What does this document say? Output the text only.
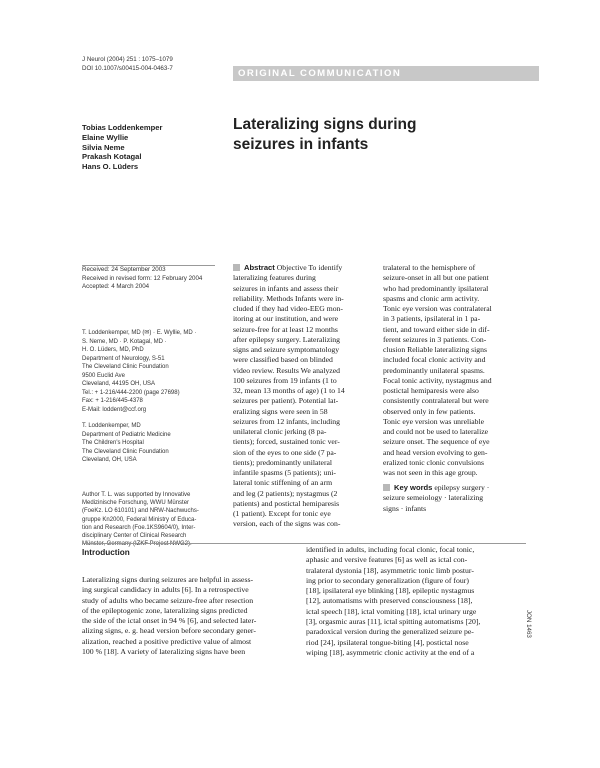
J Neurol (2004) 251 : 1075–1079
DOI 10.1007/s00415-004-0463-7	ORIGINAL COMMUNICATION
Tobias Loddenkemper
Elaine Wyllie
Silvia Neme
Prakash Kotagal
Hans O. Lüders
Lateralizing signs during
seizures in infants
Received: 24 September 2003
Received in revised form: 12 February 2004
Accepted: 4 March 2004
T. Loddenkemper, MD (✉) · E. Wyllie, MD ·
S. Neme, MD · P. Kotagal, MD ·
H. O. Lüders, MD, PhD
Department of Neurology, S-51
The Cleveland Clinic Foundation
9500 Euclid Ave
Cleveland, 44195 OH, USA
Tel.: + 1-216/444-2200 (page 27698)
Fax: + 1-216/445-4378
E-Mail: loddent@ccf.org
T. Loddenkemper, MD
Department of Pediatric Medicine
The Children's Hospital
The Cleveland Clinic Foundation
Cleveland, OH, USA
Author T. L. was supported by Innovative
Medizinische Forschung, WWU Münster
(FoeKz. LO 610101) and NRW-Nachwuchs-
gruppe Kn2000, Federal Ministry of Educa-
tion and Research (Foe.1KS9604/0), Inter-
disciplinary Center of Clinical Research
Münster, Germany (IZKF Project NWG2).
Abstract Objective To identify
lateralizing features during
seizures in infants and assess their
reliability. Methods Infants were in-
cluded if they had video-EEG mon-
itoring at our institution, and were
seizure-free for at least 12 months
after epilepsy surgery. Lateralizing
signs and seizure symptomatology
were classified based on blinded
video review. Results We analyzed
100 seizures from 19 infants (1 to
32, mean 13 months of age) (1 to 14
seizures per patient). Potential lat-
eralizing signs were seen in 58
seizures from 12 infants, including
unilateral clonic jerking (8 pa-
tients); forced, sustained tonic ver-
sion of the eyes to one side (7 pa-
tients); predominantly unilateral
infantile spasms (5 patients); uni-
lateral tonic stiffening of an arm
and leg (2 patients); nystagmus (2
patients) and postictal hemiparesis
(1 patient). Except for tonic eye
version, each of the signs was con-
tralateral to the hemisphere of
seizure-onset in all but one patient
who had predominantly ipsilateral
spasms and clonic arm activity.
Tonic eye version was contralateral
in 3 patients, ipsilateral in 1 pa-
tient, and toward either side in dif-
ferent seizures in 3 patients. Con-
clusion Reliable lateralizing signs
included focal clonic activity and
predominantly unilateral spasms.
Focal tonic activity, nystagmus and
postictal hemiparesis were also
consistently contralateral but were
observed only in few patients.
Tonic eye version was unreliable
and could not be used to lateralize
seizure onset. The sequence of eye
and head version evolving to gen-
eralized tonic clonic convulsions
was not seen in this age group.
Key words epilepsy surgery ·
seizure semeiology · lateralizing
signs · infants
Introduction
Lateralizing signs during seizures are helpful in assess-
ing surgical candidacy in adults [6]. In a retrospective
study of adults who became seizure-free after resection
of the epileptogenic zone, lateralizing signs predicted
the side of the ictal onset in 94 % [6], and selected later-
alizing signs, e. g. head version before secondary gener-
alization, reached a positive predictive value of almost
100 % [18]. A variety of lateralizing signs have been
identified in adults, including focal clonic, focal tonic,
aphasic and versive features [6] as well as ictal con-
tralateral dystonia [18], asymmetric tonic limb postur-
ing prior to secondary generalization (figure of four)
[18], ipsilateral eye blinking [18], epileptic nystagmus
[12], automatisms with preserved consciousness [18],
ictal speech [18], ictal vomiting [18], ictal urinary urge
[3], orgasmic auras [11], ictal spitting automatisms [20],
paradoxical version during the generalized seizure pe-
riod [24], ipsilateral tongue-biting [4], postictal nose
wiping [18], asymmetric clonic activity at the end of a
JON 1463
